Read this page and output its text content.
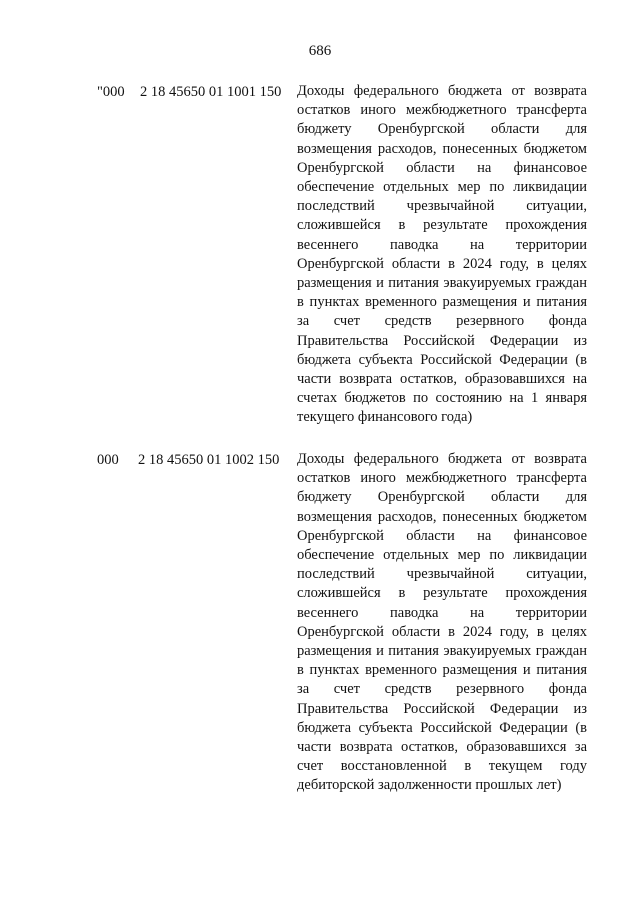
686
"000 2 18 45650 01 1001 150 Доходы федерального бюджета от возврата остатков иного межбюджетного трансферта бюджету Оренбургской области для возмещения расходов, понесенных бюджетом Оренбургской области на финансовое обеспечение отдельных мер по ликвидации последствий чрезвычайной ситуации, сложившейся в результате прохождения весеннего паводка на территории Оренбургской области в 2024 году, в целях размещения и питания эвакуируемых граждан в пунктах временного размещения и питания за счет средств резервного фонда Правительства Российской Федерации из бюджета субъекта Российской Федерации (в части возврата остатков, образовавшихся на счетах бюджетов по состоянию на 1 января текущего финансового года)
000 2 18 45650 01 1002 150 Доходы федерального бюджета от возврата остатков иного межбюджетного трансферта бюджету Оренбургской области для возмещения расходов, понесенных бюджетом Оренбургской области на финансовое обеспечение отдельных мер по ликвидации последствий чрезвычайной ситуации, сложившейся в результате прохождения весеннего паводка на территории Оренбургской области в 2024 году, в целях размещения и питания эвакуируемых граждан в пунктах временного размещения и питания за счет средств резервного фонда Правительства Российской Федерации из бюджета субъекта Российской Федерации (в части возврата остатков, образовавшихся за счет восстановленной в текущем году дебиторской задолженности прошлых лет)
